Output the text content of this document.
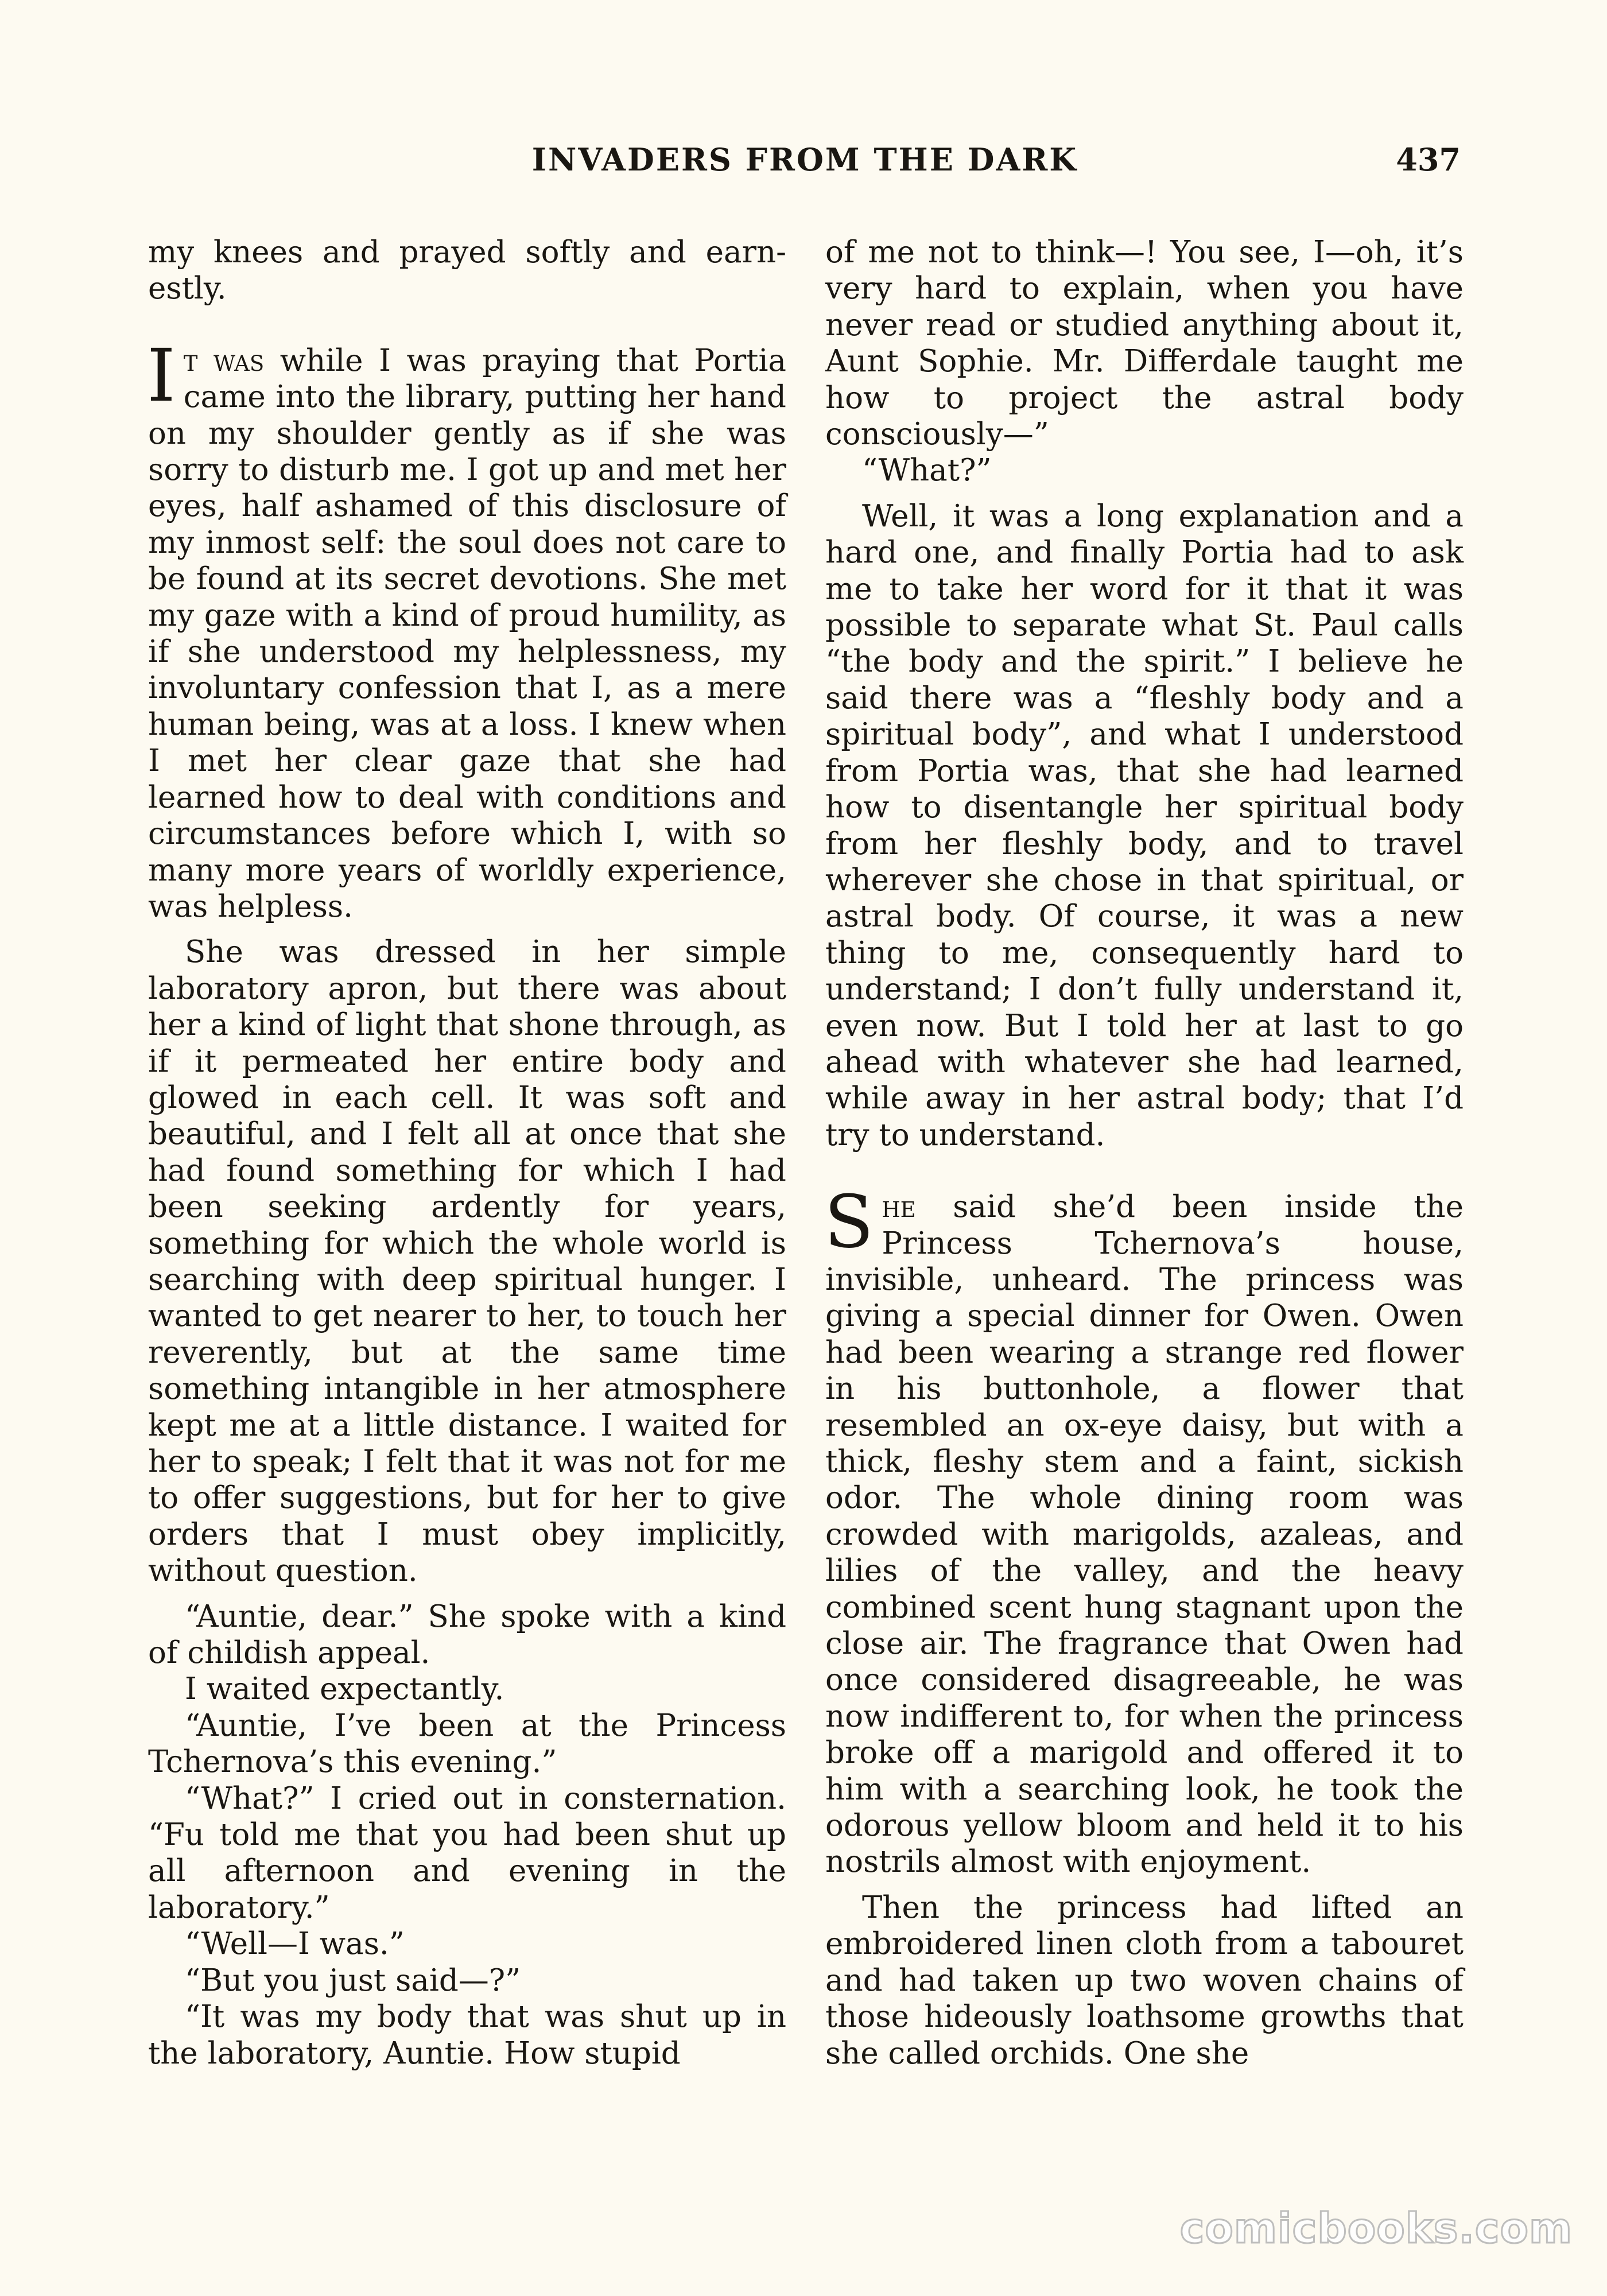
INVADERS FROM THE DARK	437

my knees and prayed softly and earn-estly.

It was while I was praying that Portia came into the library, putting her hand on my shoulder gently as if she was sorry to disturb me. I got up and met her eyes, half ashamed of this disclosure of my inmost self: the soul does not care to be found at its secret devotions. She met my gaze with a kind of proud humility, as if she understood my helplessness, my involuntary confession that I, as a mere human being, was at a loss. I knew when I met her clear gaze that she had learned how to deal with conditions and circumstances before which I, with so many more years of worldly experience, was helpless.

She was dressed in her simple laboratory apron, but there was about her a kind of light that shone through, as if it permeated her entire body and glowed in each cell. It was soft and beautiful, and I felt all at once that she had found something for which I had been seeking ardently for years, something for which the whole world is searching with deep spiritual hunger. I wanted to get nearer to her, to touch her reverently, but at the same time something intangible in her atmosphere kept me at a little distance. I waited for her to speak; I felt that it was not for me to offer suggestions, but for her to give orders that I must obey implicitly, without question.

“Auntie, dear.” She spoke with a kind of childish appeal.

I waited expectantly.

“Auntie, I’ve been at the Princess Tchernova’s this evening.”

“What?” I cried out in consternation. “Fu told me that you had been shut up all afternoon and evening in the laboratory.”

“Well—I was.”

“But you just said—?”

“It was my body that was shut up in the laboratory, Auntie. How stupid

of me not to think—! You see, I—oh, it’s very hard to explain, when you have never read or studied anything about it, Aunt Sophie. Mr. Differdale taught me how to project the astral body consciously—”

“What?”

Well, it was a long explanation and a hard one, and finally Portia had to ask me to take her word for it that it was possible to separate what St. Paul calls “the body and the spirit.” I believe he said there was a “fleshly body and a spiritual body”, and what I understood from Portia was, that she had learned how to disentangle her spiritual body from her fleshly body, and to travel wherever she chose in that spiritual, or astral body. Of course, it was a new thing to me, consequently hard to understand; I don’t fully understand it, even now. But I told her at last to go ahead with whatever she had learned, while away in her astral body; that I’d try to understand.

She said she’d been inside the Princess Tchernova’s house, invisible, unheard. The princess was giving a special dinner for Owen. Owen had been wearing a strange red flower in his buttonhole, a flower that resembled an ox-eye daisy, but with a thick, fleshy stem and a faint, sickish odor. The whole dining room was crowded with marigolds, azaleas, and lilies of the valley, and the heavy combined scent hung stagnant upon the close air. The fragrance that Owen had once considered disagreeable, he was now indifferent to, for when the princess broke off a marigold and offered it to him with a searching look, he took the odorous yellow bloom and held it to his nostrils almost with enjoyment.

Then the princess had lifted an embroidered linen cloth from a tabouret and had taken up two woven chains of those hideously loathsome growths that she called orchids. One she

comicbooks.com
